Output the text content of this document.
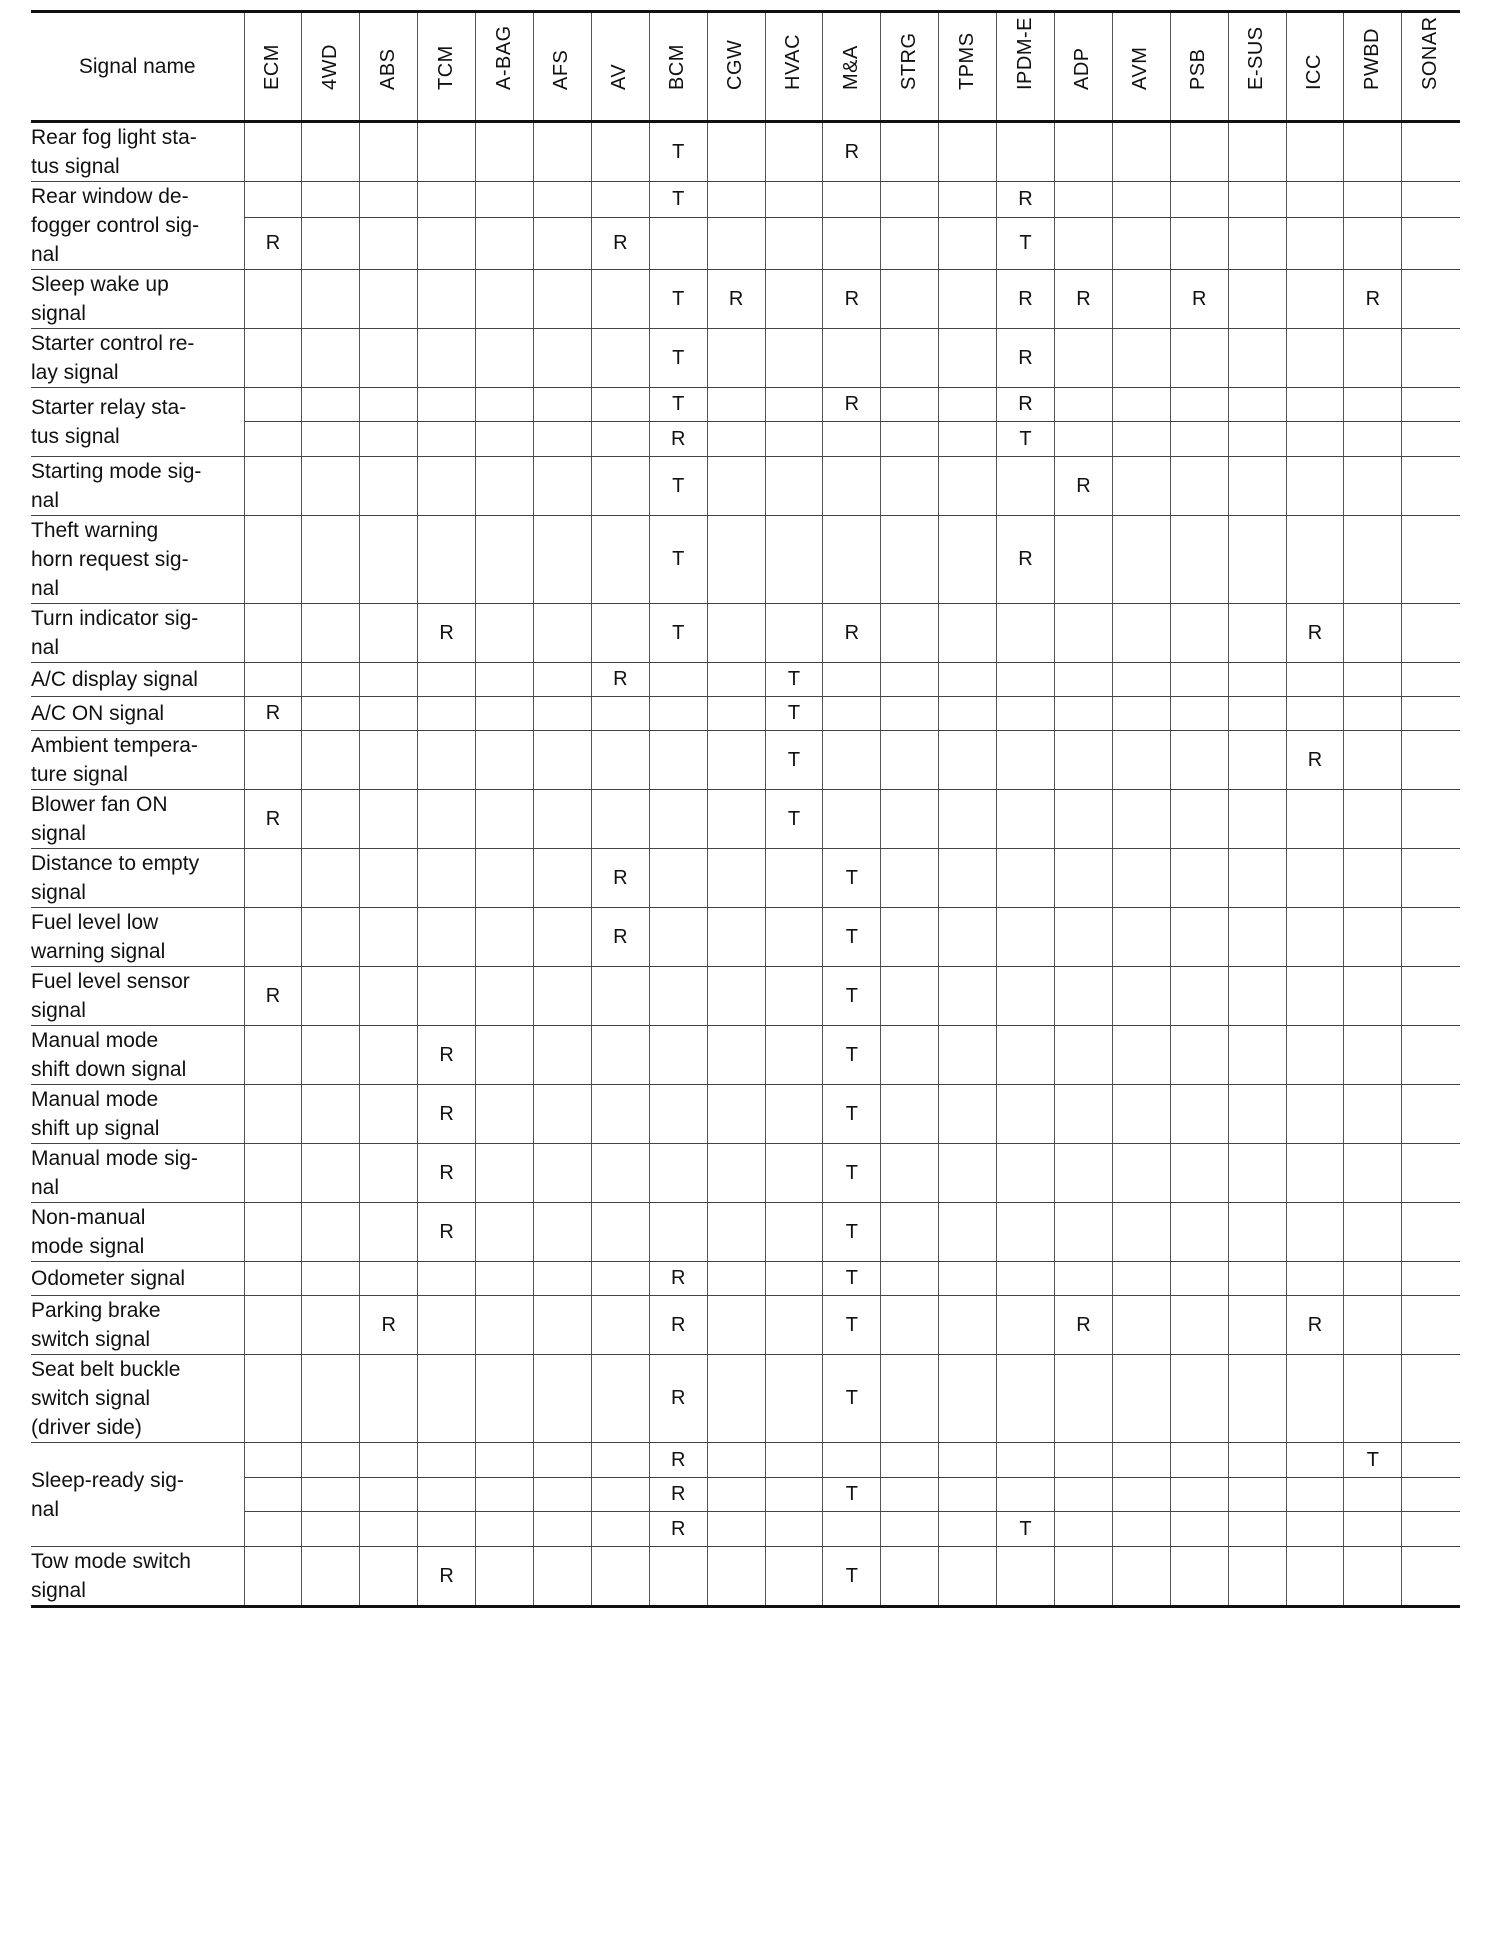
Signal name	ECM	4WD	ABS	TCM	A-BAG	AFS	AV	BCM	CGW	HVAC	M&A	STRG	TPMS	IPDM-E	ADP	AVM	PSB	E-SUS	ICC	PWBD	SONAR

Rear fog light sta-
tus signal								T			R										
Rear window de-
fogger control sig-
nal								T						R							
	R						R							T							
Sleep wake up
signal								T	R		R			R	R		R			R	
Starter control re-
lay signal								T						R							
Starter relay sta-
tus signal								T			R			R							
								R						T							
Starting mode sig-
nal								T							R						
Theft warning
horn request sig-
nal								T						R							
Turn indicator sig-
nal				R				T			R								R		
A/C display signal							R			T											
A/C ON signal	R									T											
Ambient tempera-
ture signal										T									R		
Blower fan ON
signal	R									T											
Distance to empty
signal							R				T										
Fuel level low
warning signal							R				T										
Fuel level sensor
signal	R										T										
Manual mode
shift down signal				R							T										
Manual mode
shift up signal				R							T										
Manual mode sig-
nal				R							T										
Non-manual
mode signal				R							T										
Odometer signal								R			T										
Parking brake
switch signal			R					R			T				R				R		
Seat belt buckle
switch signal
(driver side)								R			T										
Sleep-ready sig-
nal								R												T	
								R			T										
								R						T							
Tow mode switch
signal				R							T										
